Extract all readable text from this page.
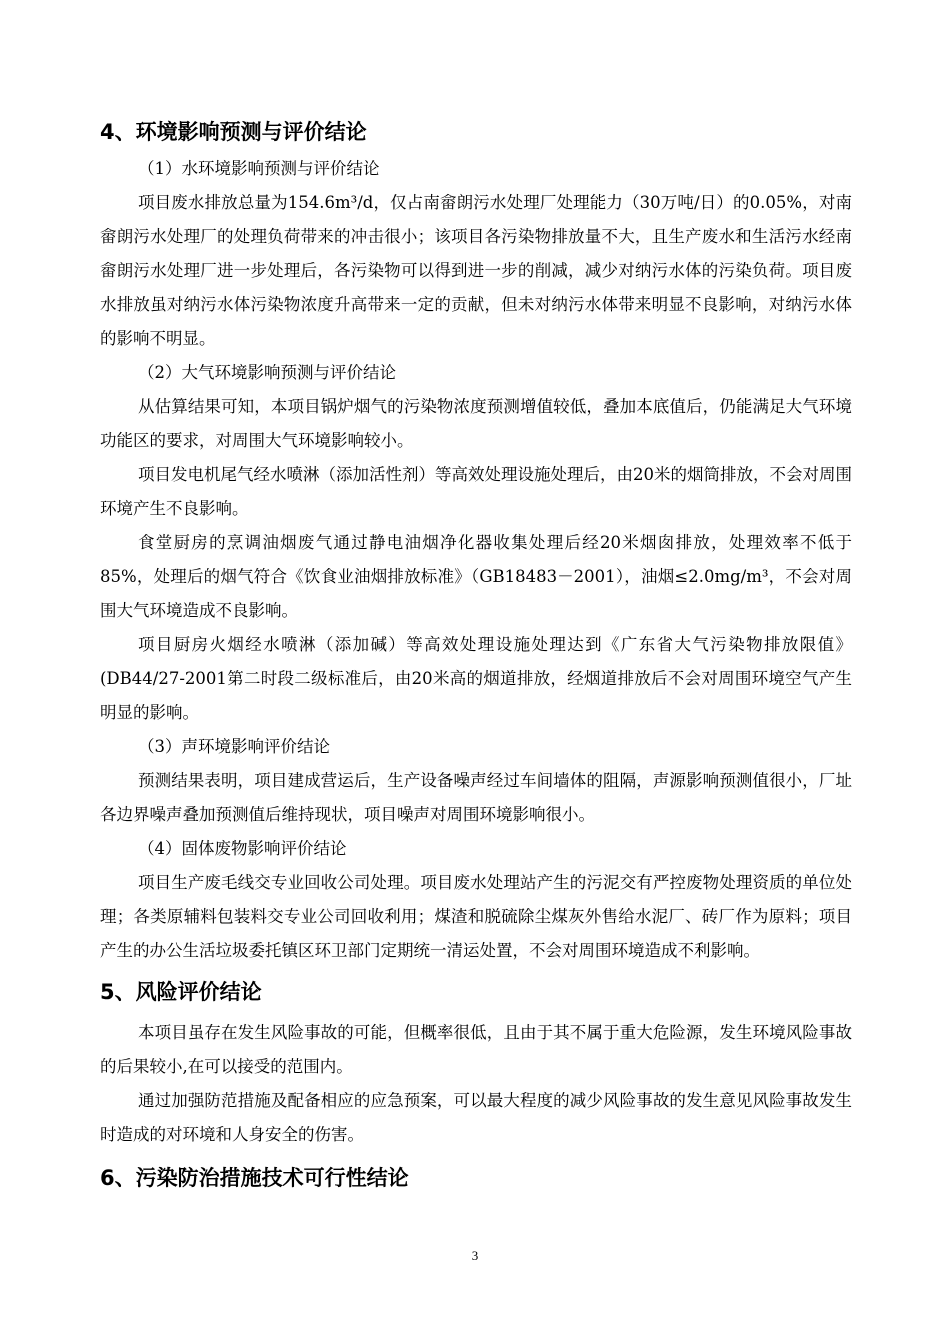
4、环境影响预测与评价结论

（1）水环境影响预测与评价结论

项目废水排放总量为154.6m³/d，仅占南畲朗污水处理厂处理能力（30万吨/日）的0.05%，对南畲朗污水处理厂的处理负荷带来的冲击很小；该项目各污染物排放量不大，且生产废水和生活污水经南畲朗污水处理厂进一步处理后，各污染物可以得到进一步的削减，减少对纳污水体的污染负荷。项目废水排放虽对纳污水体污染物浓度升高带来一定的贡献，但未对纳污水体带来明显不良影响，对纳污水体的影响不明显。

（2）大气环境影响预测与评价结论

从估算结果可知，本项目锅炉烟气的污染物浓度预测增值较低，叠加本底值后，仍能满足大气环境功能区的要求，对周围大气环境影响较小。

项目发电机尾气经水喷淋（添加活性剂）等高效处理设施处理后，由20米的烟筒排放，不会对周围环境产生不良影响。

食堂厨房的烹调油烟废气通过静电油烟净化器收集处理后经20米烟囱排放，处理效率不低于85%，处理后的烟气符合《饮食业油烟排放标准》（GB18483－2001），油烟≤2.0mg/m³，不会对周围大气环境造成不良影响。

项目厨房火烟经水喷淋（添加碱）等高效处理设施处理达到《广东省大气污染物排放限值》(DB44/27-2001第二时段二级标准后，由20米高的烟道排放，经烟道排放后不会对周围环境空气产生明显的影响。

（3）声环境影响评价结论

预测结果表明，项目建成营运后，生产设备噪声经过车间墙体的阻隔，声源影响预测值很小，厂址各边界噪声叠加预测值后维持现状，项目噪声对周围环境影响很小。

（4）固体废物影响评价结论

项目生产废毛线交专业回收公司处理。项目废水处理站产生的污泥交有严控废物处理资质的单位处理；各类原辅料包装料交专业公司回收利用；煤渣和脱硫除尘煤灰外售给水泥厂、砖厂作为原料；项目产生的办公生活垃圾委托镇区环卫部门定期统一清运处置，不会对周围环境造成不利影响。

5、风险评价结论

本项目虽存在发生风险事故的可能，但概率很低，且由于其不属于重大危险源，发生环境风险事故的后果较小,在可以接受的范围内。

通过加强防范措施及配备相应的应急预案，可以最大程度的减少风险事故的发生意见风险事故发生时造成的对环境和人身安全的伤害。

6、污染防治措施技术可行性结论
3
